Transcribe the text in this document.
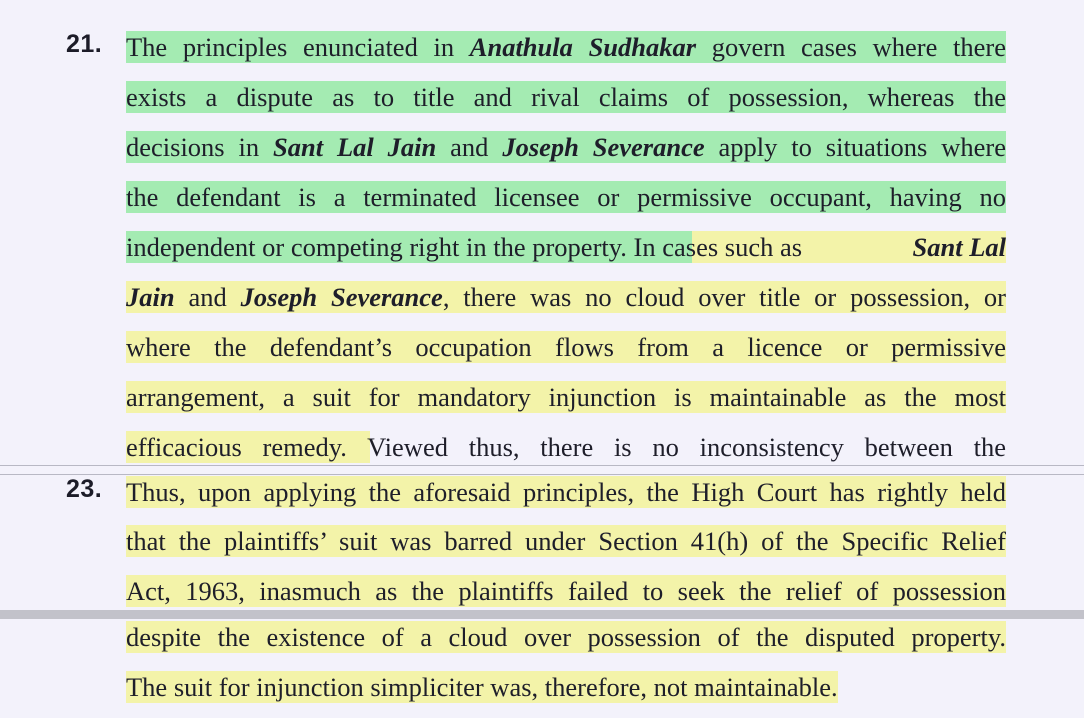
21. The principles enunciated in Anathula Sudhakar govern cases where there
exists a dispute as to title and rival claims of possession, whereas the
decisions in Sant Lal Jain and Joseph Severance apply to situations where
the defendant is a terminated licensee or permissive occupant, having no
independent or competing right in the property. In cases such as	Sant Lal
Jain and Joseph Severance, there was no cloud over title or possession, or
where the defendant’s occupation flows from a licence or permissive
arrangement, a suit for mandatory injunction is maintainable as the most
efficacious remedy. Viewed thus, there is no inconsistency between the
23. Thus, upon applying the aforesaid principles, the High Court has rightly held
that the plaintiffs’ suit was barred under Section 41(h) of the Specific Relief
Act, 1963, inasmuch as the plaintiffs failed to seek the relief of possession
despite the existence of a cloud over possession of the disputed property.
The suit for injunction simpliciter was, therefore, not maintainable.
